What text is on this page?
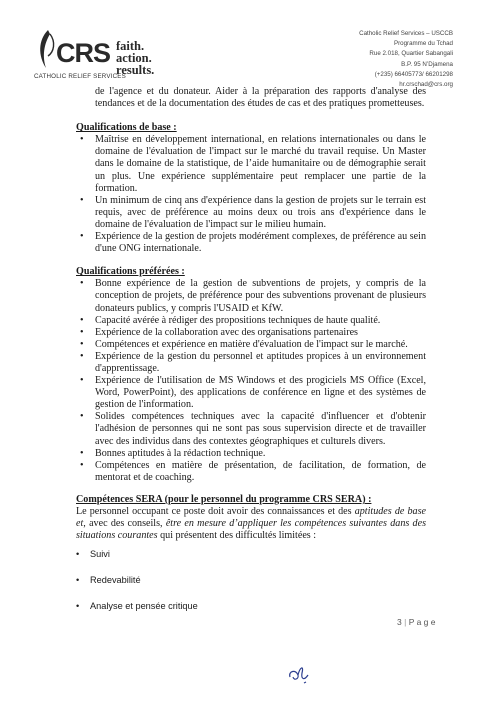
CRS faith.
action.
results.
CATHOLIC RELIEF SERVICES
Catholic Relief Services – USCCB
Programme du Tchad
Rue 2.018, Quartier Sabangali
B.P. 95 N’Djamena
(+235) 66405773/ 66201298
hr.crschad@crs.org

de l'agence et du donateur. Aider à la préparation des rapports d'analyse des tendances et de la documentation des études de cas et des pratiques prometteuses.

Qualifications de base :

• Maîtrise en développement international, en relations internationales ou dans le domaine de l'évaluation de l'impact sur le marché du travail requise. Un Master dans le domaine de la statistique, de l’aide humanitaire ou de démographie serait un plus. Une expérience supplémentaire peut remplacer une partie de la formation.
• Un minimum de cinq ans d'expérience dans la gestion de projets sur le terrain est requis, avec de préférence au moins deux ou trois ans d'expérience dans le domaine de l'évaluation de l'impact sur le milieu humain.
• Expérience de la gestion de projets modérément complexes, de préférence au sein d'une ONG internationale.

Qualifications préférées :

• Bonne expérience de la gestion de subventions de projets, y compris de la conception de projets, de préférence pour des subventions provenant de plusieurs donateurs publics, y compris l'USAID et KfW.
• Capacité avérée à rédiger des propositions techniques de haute qualité.
• Expérience de la collaboration avec des organisations partenaires
• Compétences et expérience en matière d'évaluation de l'impact sur le marché.
• Expérience de la gestion du personnel et aptitudes propices à un environnement d'apprentissage.
• Expérience de l'utilisation de MS Windows et des progiciels MS Office (Excel, Word, PowerPoint), des applications de conférence en ligne et des systèmes de gestion de l'information.
• Solides compétences techniques avec la capacité d'influencer et d'obtenir l'adhésion de personnes qui ne sont pas sous supervision directe et de travailler avec des individus dans des contextes géographiques et culturels divers.
• Bonnes aptitudes à la rédaction technique.
• Compétences en matière de présentation, de facilitation, de formation, de mentorat et de coaching.

Compétences SERA (pour le personnel du programme CRS SERA) :

Le personnel occupant ce poste doit avoir des connaissances et des aptitudes de base et, avec des conseils, être en mesure d’appliquer les compétences suivantes dans des situations courantes qui présentent des difficultés limitées :

• Suivi
• Redevabilité
• Analyse et pensée critique
3 | P a g e
